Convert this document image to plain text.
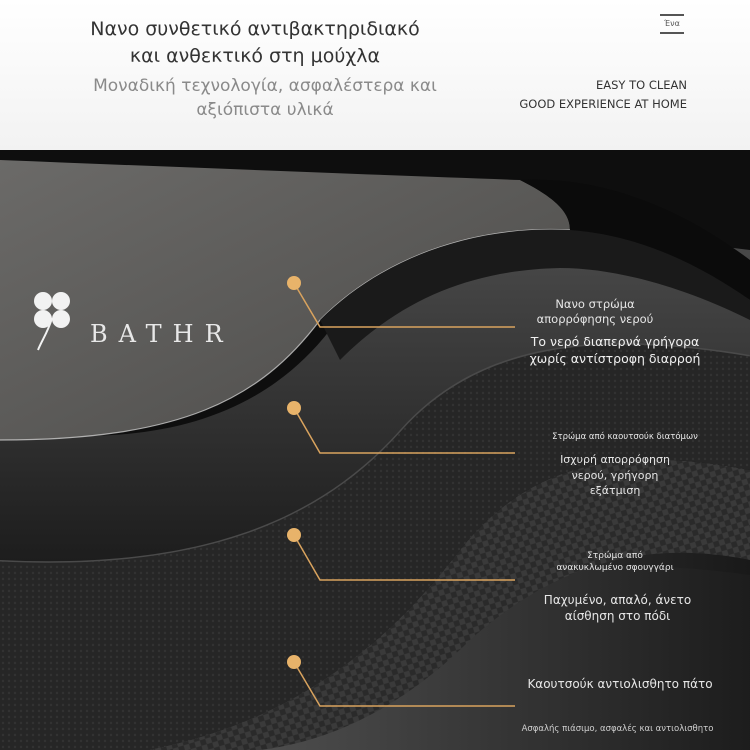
Νανο συνθετικό αντιβακτηριδιακό
και ανθεκτικό στη μούχλα
Μοναδική τεχνολογία, ασφαλέστερα και
αξιόπιστα υλικά
Ένα
EASY TO CLEAN
GOOD EXPERIENCE AT HOME
BATHR
Νανο στρώμα
απορρόφησης νερού
Το νερό διαπερνά γρήγορα
χωρίς αντίστροφη διαρροή
Στρώμα από καουτσούκ διατόμων
Ισχυρή απορρόφηση
νερού, γρήγορη
εξάτμιση
Στρώμα από
ανακυκλωμένο σφουγγάρι
Παχυμένο, απαλό, άνετο
αίσθηση στο πόδι
Καουτσούκ αντιολισθητο πάτο
Ασφαλής πιάσιμο, ασφαλές και αντιολισθητο
